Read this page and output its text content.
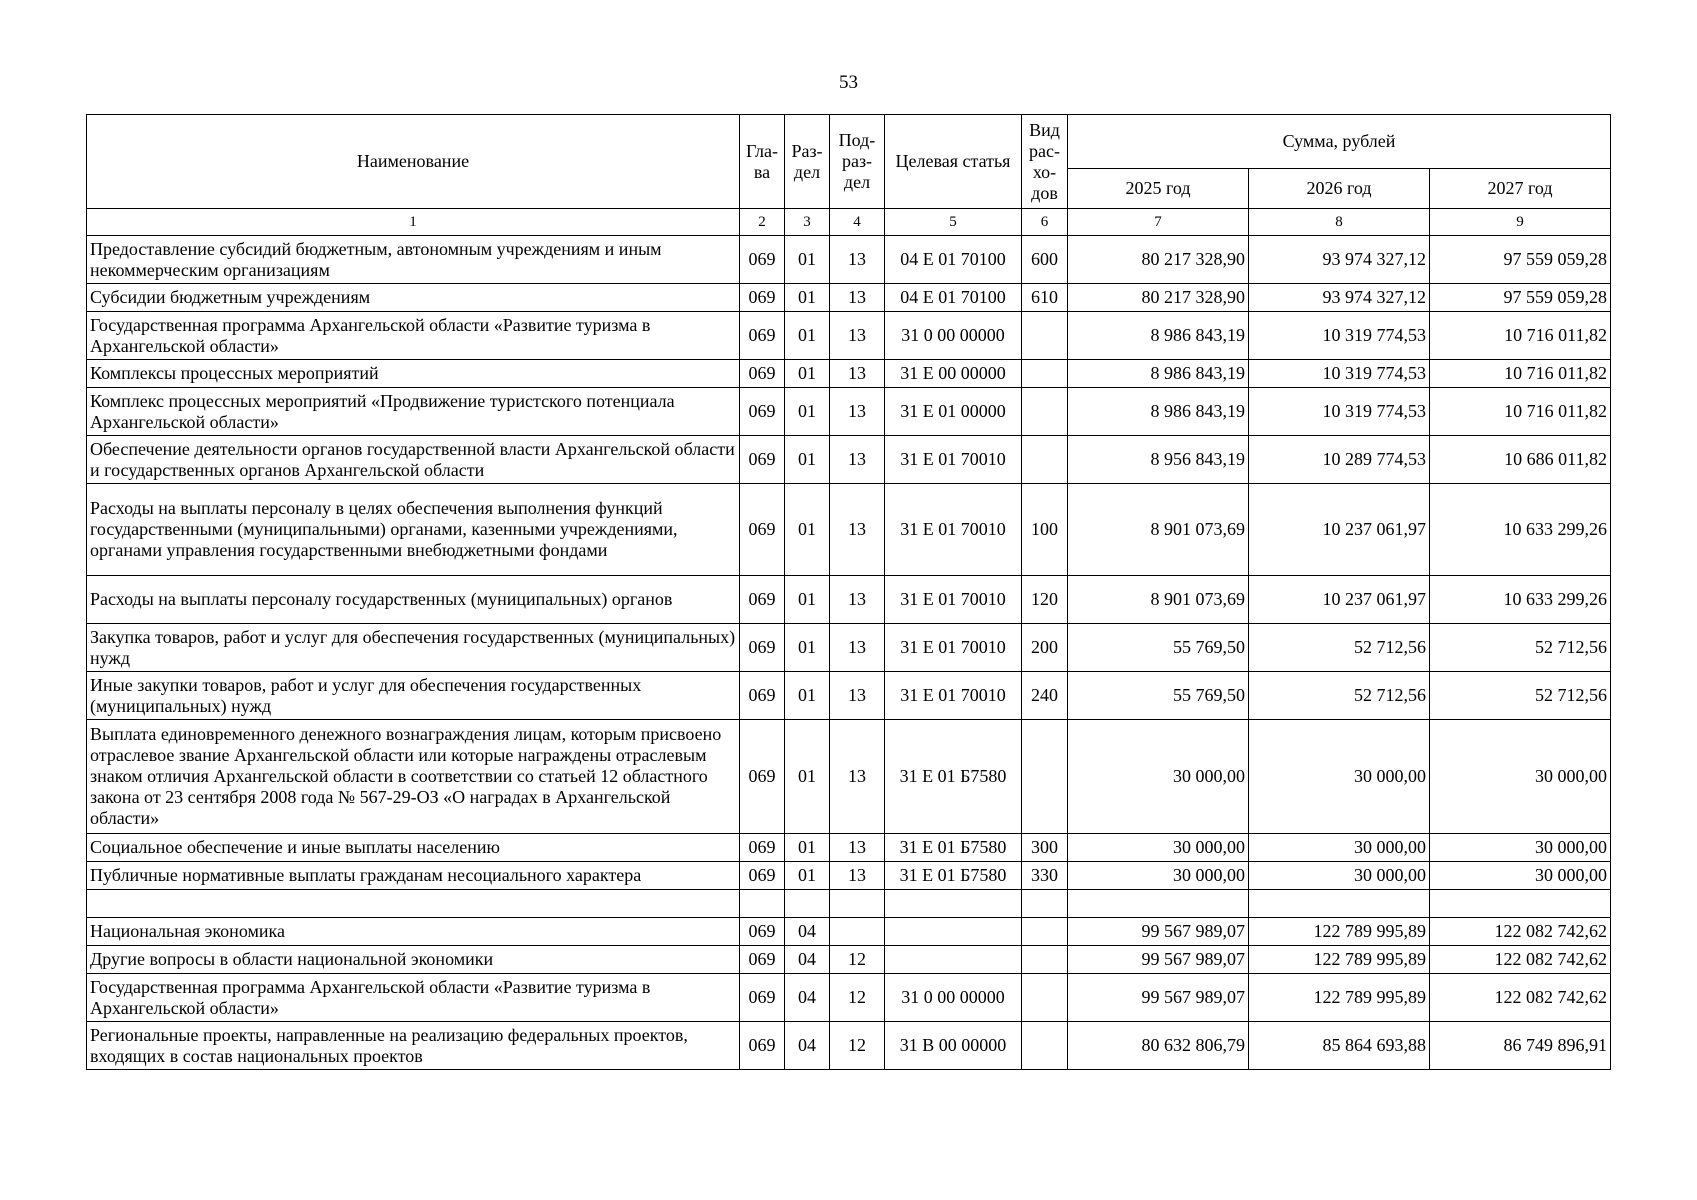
53
Наименование	Гла-ва	Раз-дел	Под-раз-дел	Целевая статья	Вид рас-хо-дов	Сумма, рублей		
						2025 год	2026 год	2027 год
1	2	3	4	5	6	7	8	9
Предоставление субсидий бюджетным, автономным учреждениям и иным некоммерческим организациям	069	01	13	04 Е 01 70100	600	80 217 328,90	93 974 327,12	97 559 059,28
Субсидии бюджетным учреждениям	069	01	13	04 Е 01 70100	610	80 217 328,90	93 974 327,12	97 559 059,28
Государственная программа Архангельской области «Развитие туризма в Архангельской области»	069	01	13	31 0 00 00000		8 986 843,19	10 319 774,53	10 716 011,82
Комплексы процессных мероприятий	069	01	13	31 Е 00 00000		8 986 843,19	10 319 774,53	10 716 011,82
Комплекс процессных мероприятий «Продвижение туристского потенциала Архангельской области»	069	01	13	31 Е 01 00000		8 986 843,19	10 319 774,53	10 716 011,82
Обеспечение деятельности органов государственной власти Архангельской области и государственных органов Архангельской области	069	01	13	31 Е 01 70010		8 956 843,19	10 289 774,53	10 686 011,82
Расходы на выплаты персоналу в целях обеспечения выполнения функций государственными (муниципальными) органами, казенными учреждениями, органами управления государственными внебюджетными фондами	069	01	13	31 Е 01 70010	100	8 901 073,69	10 237 061,97	10 633 299,26
Расходы на выплаты персоналу государственных (муниципальных) органов	069	01	13	31 Е 01 70010	120	8 901 073,69	10 237 061,97	10 633 299,26
Закупка товаров, работ и услуг для обеспечения государственных (муниципальных) нужд	069	01	13	31 Е 01 70010	200	55 769,50	52 712,56	52 712,56
Иные закупки товаров, работ и услуг для обеспечения государственных (муниципальных) нужд	069	01	13	31 Е 01 70010	240	55 769,50	52 712,56	52 712,56
Выплата единовременного денежного вознаграждения лицам, которым присвоено отраслевое звание Архангельской области или которые награждены отраслевым знаком отличия Архангельской области в соответствии со статьей 12 областного закона от 23 сентября 2008 года № 567-29-ОЗ «О наградах в Архангельской области»	069	01	13	31 Е 01 Б7580		30 000,00	30 000,00	30 000,00
Социальное обеспечение и иные выплаты населению	069	01	13	31 Е 01 Б7580	300	30 000,00	30 000,00	30 000,00
Публичные нормативные выплаты гражданам несоциального характера	069	01	13	31 Е 01 Б7580	330	30 000,00	30 000,00	30 000,00

Национальная экономика	069	04				99 567 989,07	122 789 995,89	122 082 742,62
Другие вопросы в области национальной экономики	069	04	12			99 567 989,07	122 789 995,89	122 082 742,62
Государственная программа Архангельской области «Развитие туризма в Архангельской области»	069	04	12	31 0 00 00000		99 567 989,07	122 789 995,89	122 082 742,62
Региональные проекты, направленные на реализацию федеральных проектов, входящих в состав национальных проектов	069	04	12	31 В 00 00000		80 632 806,79	85 864 693,88	86 749 896,91
